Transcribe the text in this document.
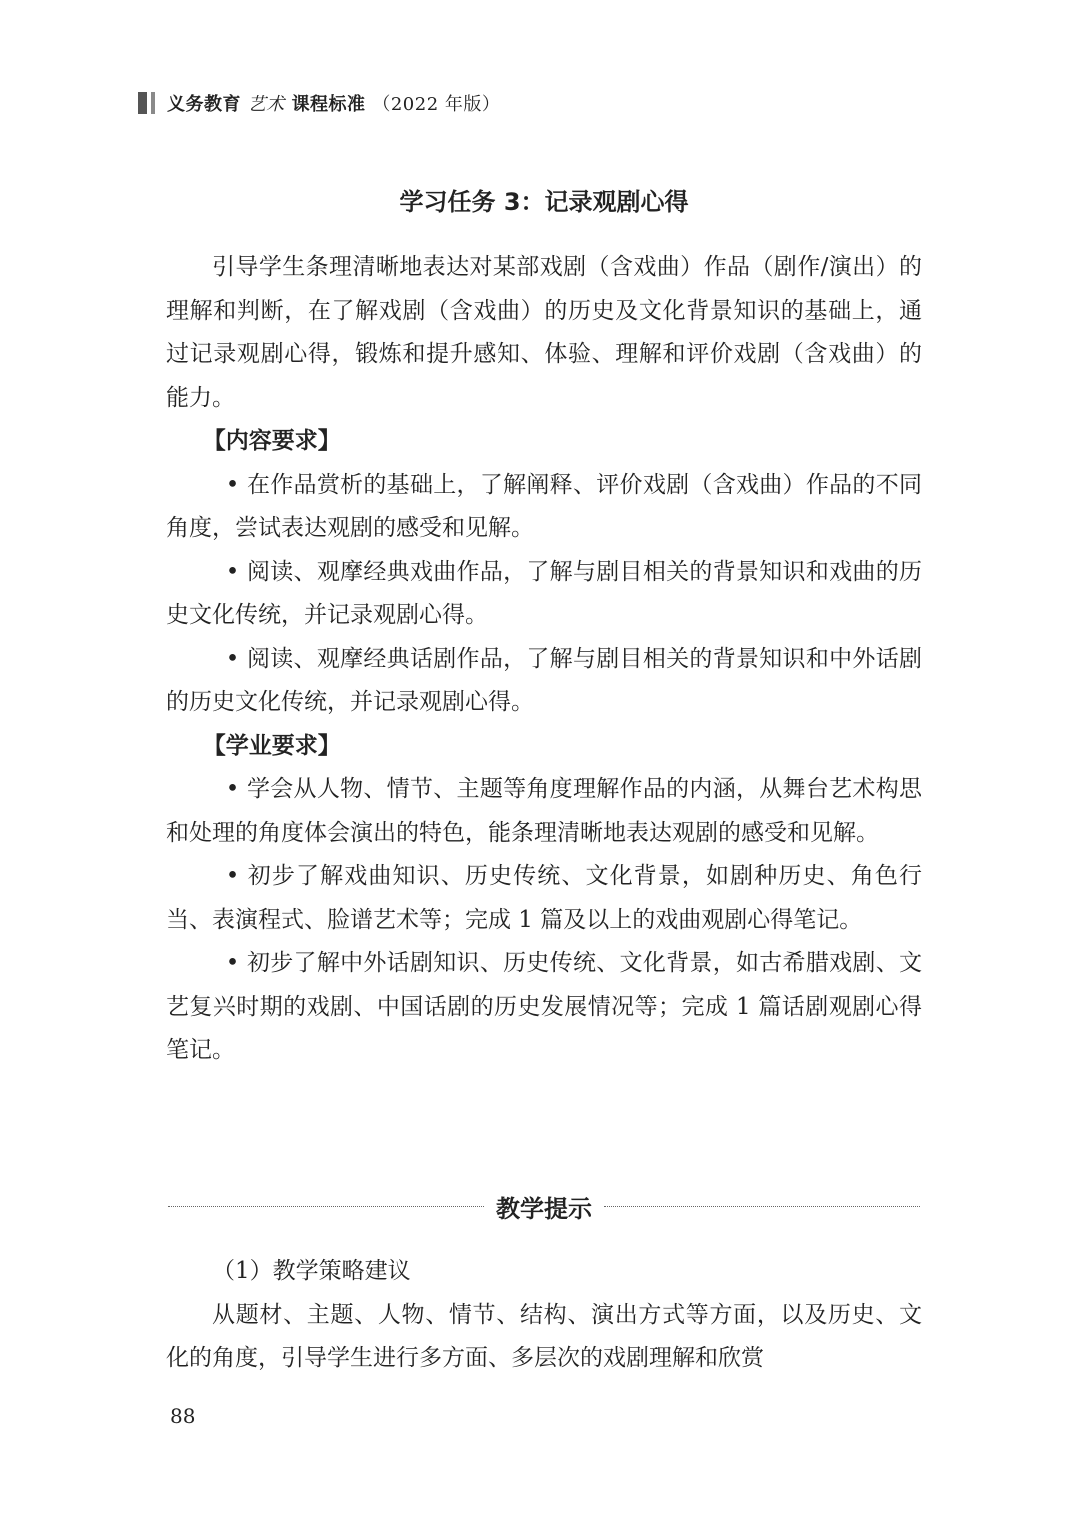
义务教育 艺术 课程标准 （2022 年版）
学习任务 3：记录观剧心得

引导学生条理清晰地表达对某部戏剧（含戏曲）作品（剧作/演出）的理解和判断，在了解戏剧（含戏曲）的历史及文化背景知识的基础上，通过记录观剧心得，锻炼和提升感知、体验、理解和评价戏剧（含戏曲）的能力。

【内容要求】

• 在作品赏析的基础上，了解阐释、评价戏剧（含戏曲）作品的不同角度，尝试表达观剧的感受和见解。

• 阅读、观摩经典戏曲作品，了解与剧目相关的背景知识和戏曲的历史文化传统，并记录观剧心得。

• 阅读、观摩经典话剧作品，了解与剧目相关的背景知识和中外话剧的历史文化传统，并记录观剧心得。

【学业要求】

• 学会从人物、情节、主题等角度理解作品的内涵，从舞台艺术构思和处理的角度体会演出的特色，能条理清晰地表达观剧的感受和见解。

• 初步了解戏曲知识、历史传统、文化背景，如剧种历史、角色行当、表演程式、脸谱艺术等；完成 1 篇及以上的戏曲观剧心得笔记。

• 初步了解中外话剧知识、历史传统、文化背景，如古希腊戏剧、文艺复兴时期的戏剧、中国话剧的历史发展情况等；完成 1 篇话剧观剧心得笔记。

教学提示

（1）教学策略建议

从题材、主题、人物、情节、结构、演出方式等方面，以及历史、文化的角度，引导学生进行多方面、多层次的戏剧理解和欣赏

88
